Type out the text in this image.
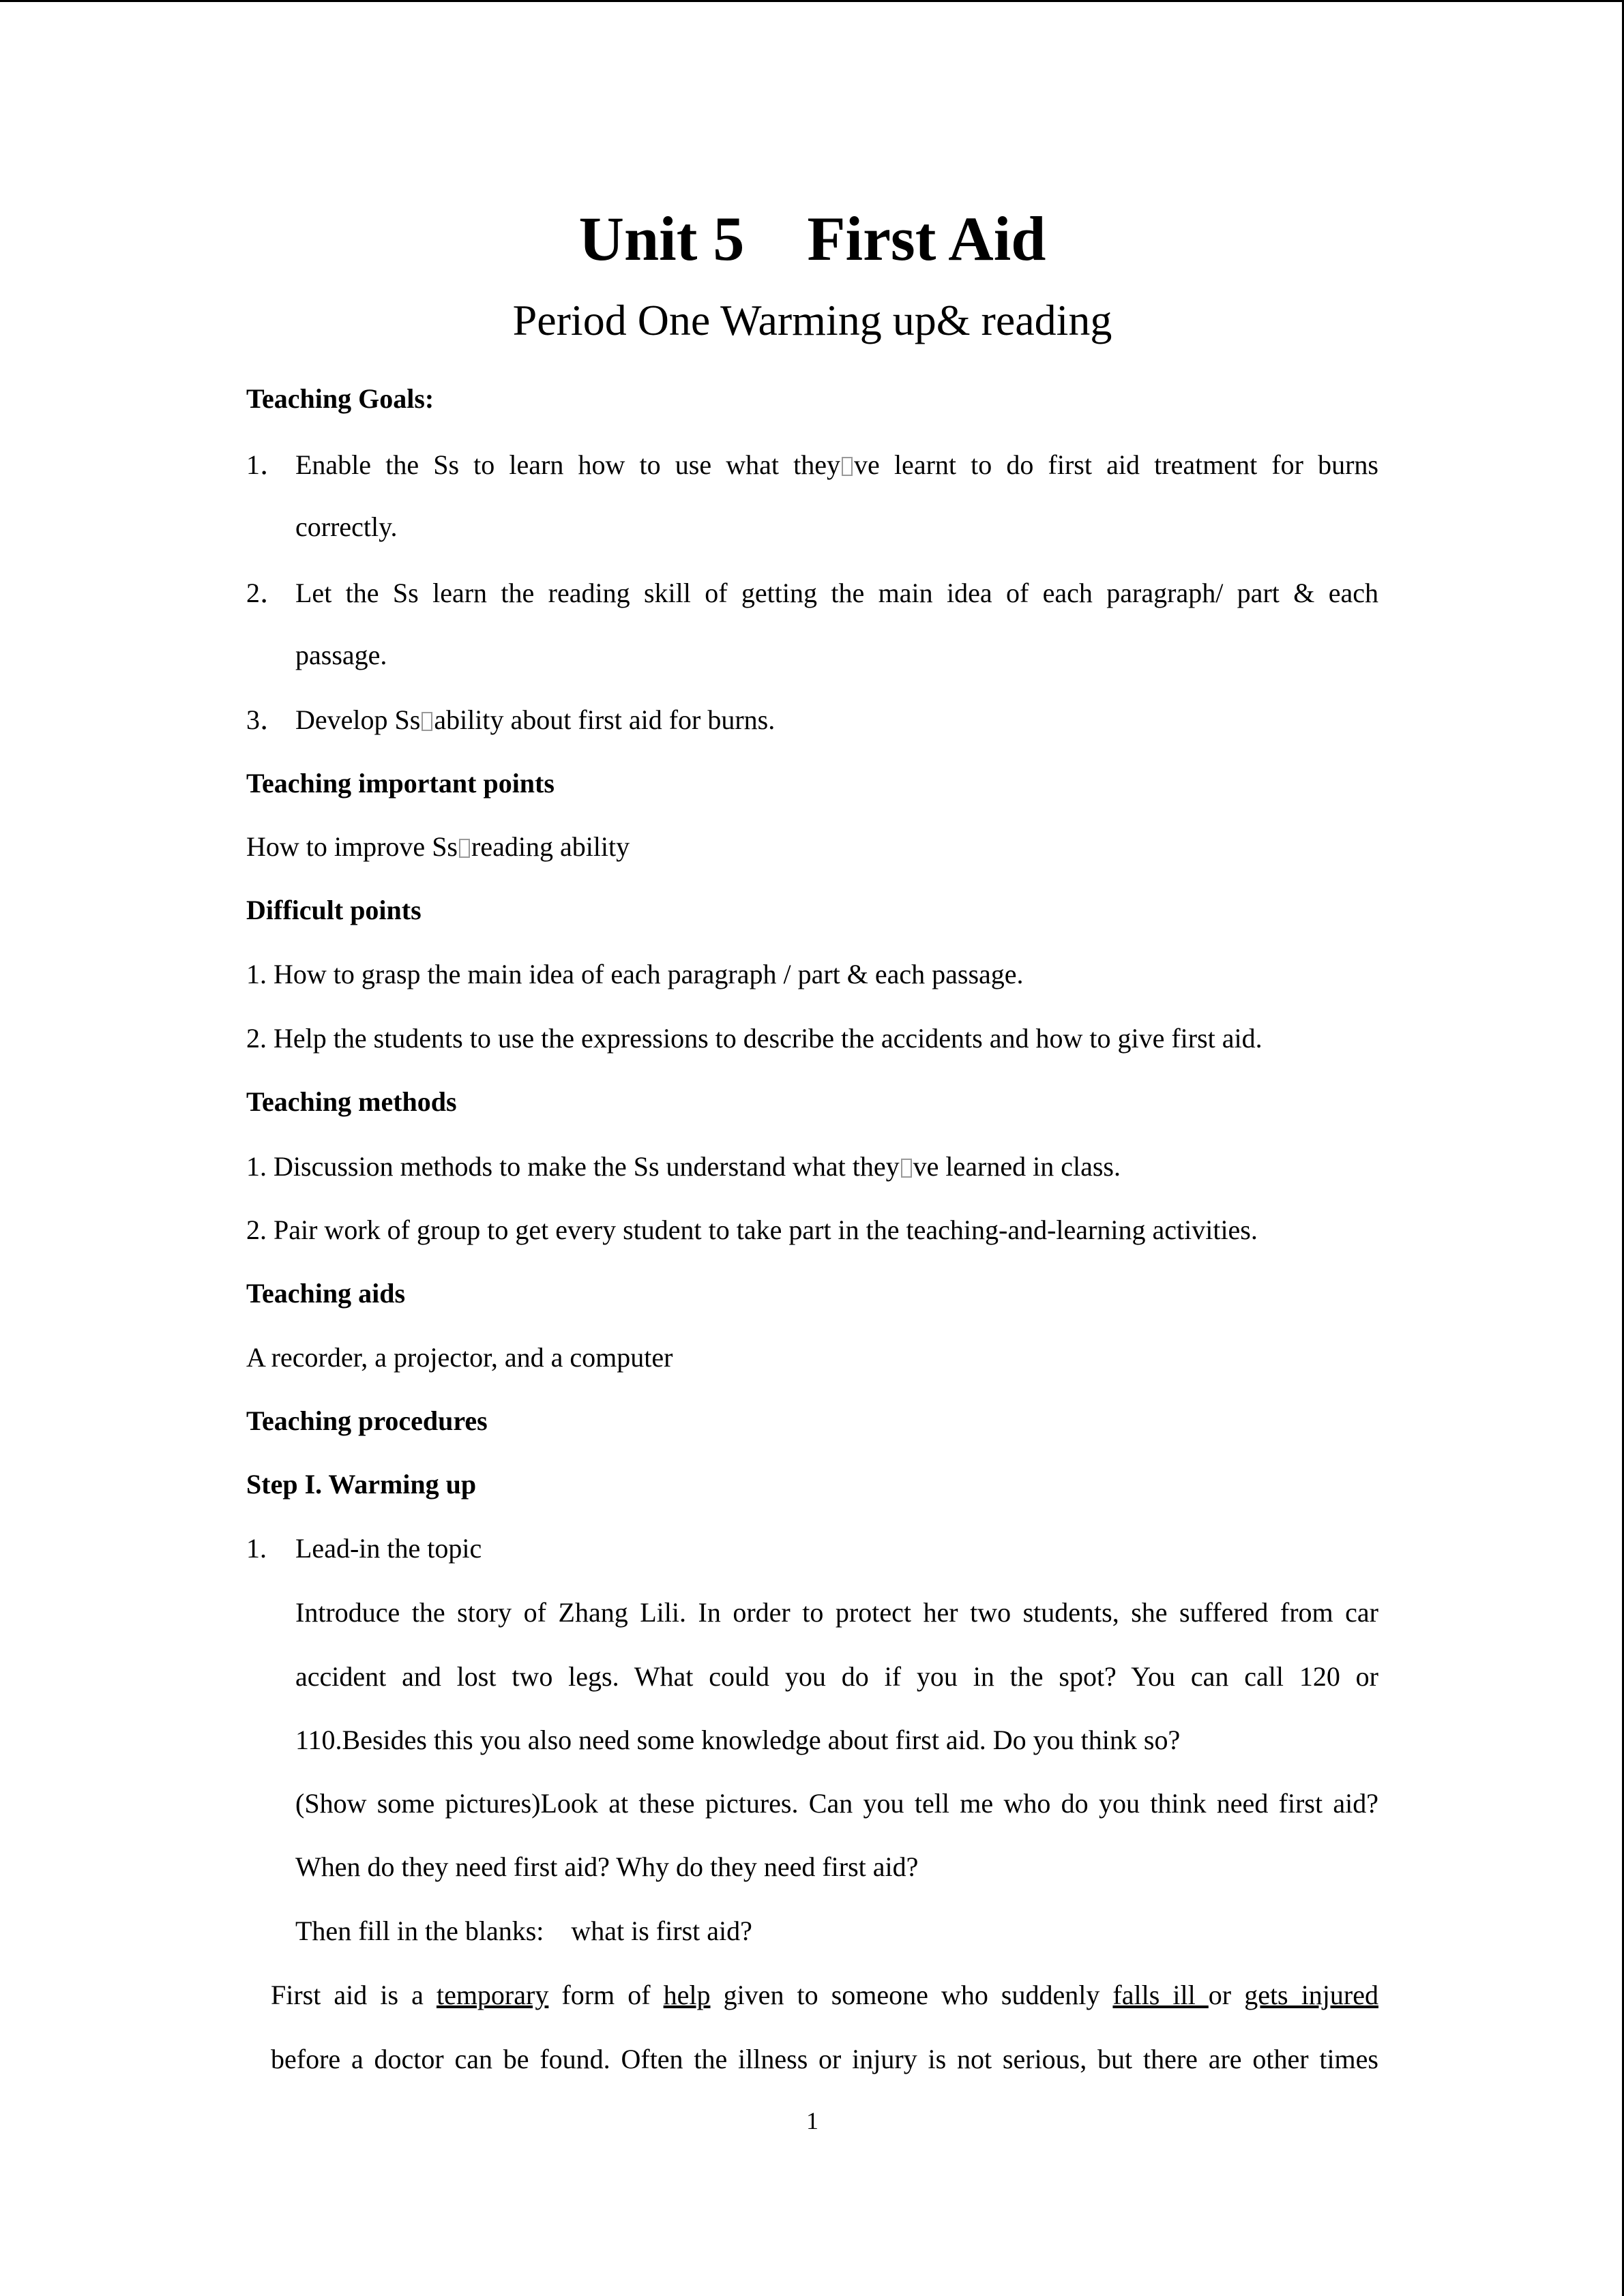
Unit 5    First Aid
Period One Warming up& reading
Teaching Goals:
1． Enable the Ss to learn how to use what they ve learnt to do first aid treatment for burns
correctly.
2． Let the Ss learn the reading skill of getting the main idea of each paragraph/ part & each
passage.
3． Develop Ss ability about first aid for burns.
Teaching important points
How to improve Ss reading ability
Difficult points
1. How to grasp the main idea of each paragraph / part & each passage.
2. Help the students to use the expressions to describe the accidents and how to give first aid.
Teaching methods
1. Discussion methods to make the Ss understand what they ve learned in class.
2. Pair work of group to get every student to take part in the teaching-and-learning activities.
Teaching aids
A recorder, a projector, and a computer
Teaching procedures
Step I. Warming up
1.	Lead-in the topic
Introduce the story of Zhang Lili. In order to protect her two students, she suffered from car
accident and lost two legs. What could you do if you in the spot? You can call 120 or
110.Besides this you also need some knowledge about first aid. Do you think so?
(Show some pictures)Look at these pictures. Can you tell me who do you think need first aid?
When do they need first aid? Why do they need first aid?
Then fill in the blanks:    what is first aid?
First aid is a temporary form of help given to someone who suddenly falls ill or gets injured
before a doctor can be found. Often the illness or injury is not serious, but there are other times
1
